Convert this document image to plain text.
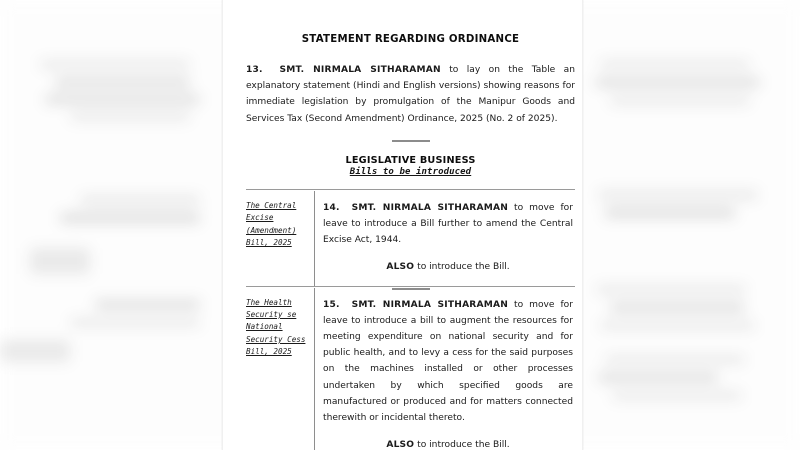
STATEMENT REGARDING ORDINANCE

13. SMT. NIRMALA SITHARAMAN to lay on the Table an explanatory statement (Hindi and English versions) showing reasons for immediate legislation by promulgation of the Manipur Goods and Services Tax (Second Amendment) Ordinance, 2025 (No. 2 of 2025).

LEGISLATIVE BUSINESS
Bills to be introduced
The Central Excise (Amendment) Bill, 2025

14. SMT. NIRMALA SITHARAMAN to move for leave to introduce a Bill further to amend the Central Excise Act, 1944.

ALSO to introduce the Bill.

The Health Security se National Security Cess Bill, 2025

15. SMT. NIRMALA SITHARAMAN to move for leave to introduce a bill to augment the resources for meeting expenditure on national security and for public health, and to levy a cess for the said purposes on the machines installed or other processes undertaken by which specified goods are manufactured or produced and for matters connected therewith or incidental thereto.

ALSO to introduce the Bill.
